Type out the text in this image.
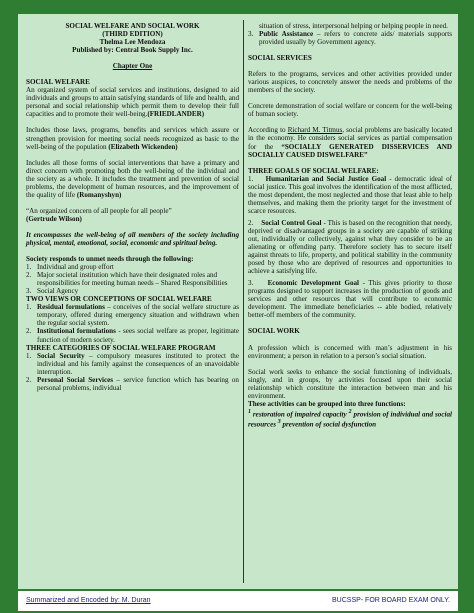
SOCIAL WELFARE AND SOCIAL WORK
(THIRD EDITION)
Thelma Lee Mendoza
Published by: Central Book Supply Inc.
Chapter One
SOCIAL WELFARE
An organized system of social services and institutions, designed to aid individuals and groups to attain satisfying standards of life and health, and personal and social relationship which permit them to develop their full capacities and to promote their well-being.(FRIEDLANDER)
Includes those laws, programs, benefits and services which assure or strengthen provision for meeting social needs recognized as basic to the well-being of the population (Elizabeth Wickenden)
Includes all those forms of social interventions that have a primary and direct concern with promoting both the well-being of the individual and the society as a whole. It includes the treatment and prevention of social problems, the development of human resources, and the improvement of the quality of life (Romanyshyn)
“An organized concern of all people for all people”
(Gertrude Wilson)
It encompasses the well-being of all members of the society including physical, mental, emotional, social, economic and spiritual being.
Society responds to unmet needs through the following:
1. Individual and group effort
2. Major societal institution which have their designated roles and responsibilities for meeting human needs – Shared Responsibilities
3. Social Agency
TWO VIEWS OR CONCEPTIONS OF SOCIAL WELFARE
1. Residual formulations – conceives of the social welfare structure as temporary, offered during emergency situation and withdrawn when the regular social system.
2. Institutional formulations - sees social welfare as proper, legitimate function of modern society.
THREE CATEGORIES OF SOCIAL WELFARE PROGRAM
1. Social Security – compulsory measures instituted to protect the individual and his family against the consequences of an unavoidable interruption.
2. Personal Social Services – service function which has bearing on personal problems, individual
situation of stress, interpersonal helping or helping people in need.
3. Public Assistance – refers to concrete aids/ materials supports provided usually by Government agency.
SOCIAL SERVICES
Refers to the programs, services and other activities provided under various auspices, to concretely answer the needs and problems of the members of the society.
Concrete demonstration of social welfare or concern for the well-being of human society.
According to Richard M. Titmus, social problems are basically located in the economy. He considers social services as partial compensation for the “SOCIALLY GENERATED DISSERVICES AND SOCIALLY CAUSED DISWELFARE”
THREE GOALS OF SOCIAL WELFARE:
1. Humanitarian and Social Justice Goal - democratic ideal of social justice. This goal involves the identification of the most afflicted, the most dependent, the most neglected and those that least able to help themselves, and making them the priority target for the investment of scarce resources.
2. Social Control Goal - This is based on the recognition that needy, deprived or disadvantaged groups in a society are capable of striking out, individually or collectively, against what they consider to be an alienating or offending party. Therefore society has to secure itself against threats to life, property, and political stability in the community posed by those who are deprived of resources and opportunities to achieve a satisfying life.
3. Economic Development Goal - This gives priority to those programs designed to support increases in the production of goods and services and other resources that will contribute to economic development. The immediate beneficiaries -- able bodied, relatively better-off members of the community.
SOCIAL WORK
A profession which is concerned with man’s adjustment in his environment; a person in relation to a person’s social situation.
Social work seeks to enhance the social functioning of individuals, singly, and in groups, by activities focused upon their social relationship which constitute the interaction between man and his environment.
These activities can be grouped into three functions:
$^1$ restoration of impaired capacity $^2$ provision of individual and social resources $^3$ prevention of social dysfunction
Summarized and Encoded by: M. Duran	BUCSSP- FOR BOARD EXAM ONLY.
